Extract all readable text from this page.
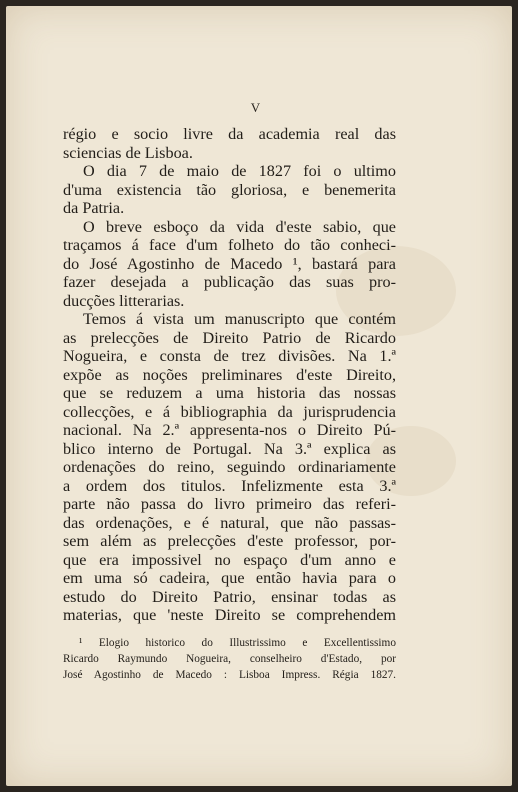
V
régio e socio livre da academia real das
sciencias de Lisboa.
O dia 7 de maio de 1827 foi o ultimo
d'uma existencia tão gloriosa, e benemerita
da Patria.
O breve esboço da vida d'este sabio, que
traçamos á face d'um folheto do tão conheci-
do José Agostinho de Macedo ¹, bastará para
fazer desejada a publicação das suas pro-
ducções litterarias.
Temos á vista um manuscripto que contém
as prelecções de Direito Patrio de Ricardo
Nogueira, e consta de trez divisões. Na 1.ª
expõe as noções preliminares d'este Direito,
que se reduzem a uma historia das nossas
collecções, e á bibliographia da jurisprudencia
nacional. Na 2.ª appresenta-nos o Direito Pú-
blico interno de Portugal. Na 3.ª explica as
ordenações do reino, seguindo ordinariamente
a ordem dos titulos. Infelizmente esta 3.ª
parte não passa do livro primeiro das referi-
das ordenações, e é natural, que não passas-
sem além as prelecções d'este professor, por-
que era impossivel no espaço d'um anno e
em uma só cadeira, que então havia para o
estudo do Direito Patrio, ensinar todas as
materias, que 'neste Direito se comprehendem
¹ Elogio historico do Illustrissimo e Excellentissimo
Ricardo Raymundo Nogueira, conselheiro d'Estado, por
José Agostinho de Macedo : Lisboa Impress. Régia 1827.
